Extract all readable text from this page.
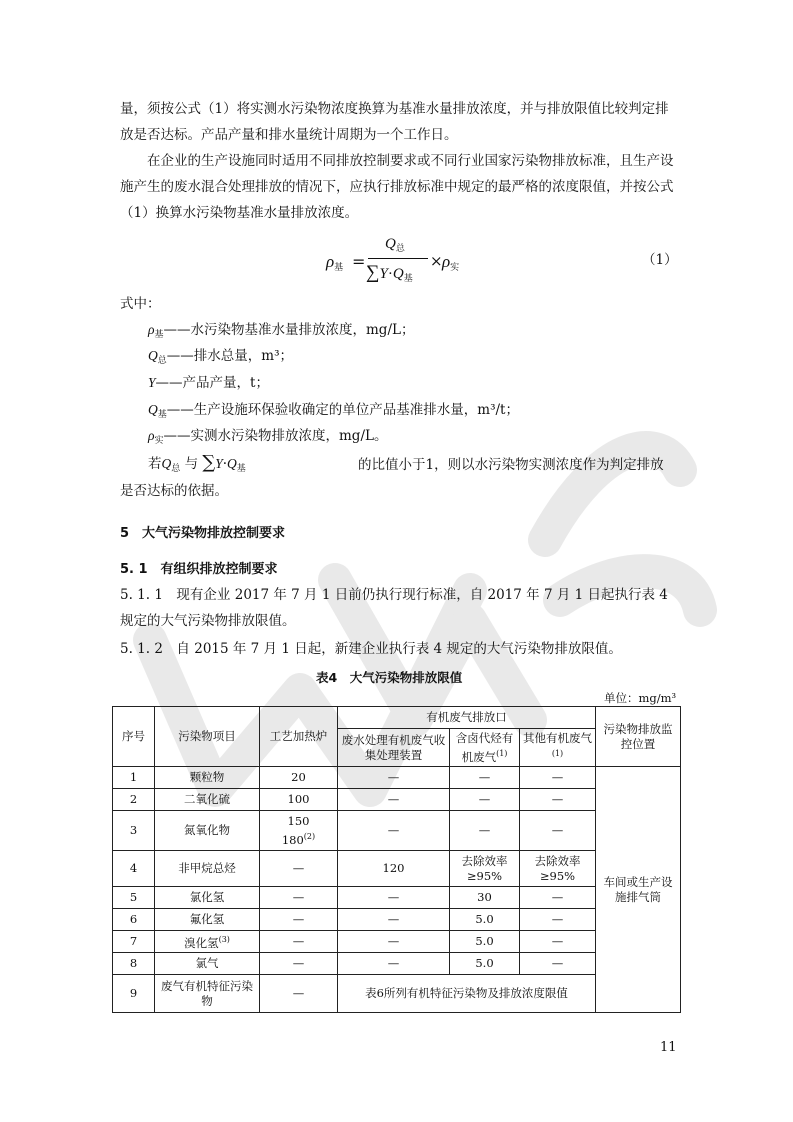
量，须按公式（1）将实测水污染物浓度换算为基准水量排放浓度，并与排放限值比较判定排放是否达标。产品产量和排水量统计周期为一个工作日。

在企业的生产设施同时适用不同排放控制要求或不同行业国家污染物排放标准，且生产设施产生的废水混合处理排放的情况下，应执行排放标准中规定的最严格的浓度限值，并按公式（1）换算水污染物基准水量排放浓度。

$\rho_基$ =
$Q_总$
$\sum Y\cdot Q_基$
× $\rho_实$	（1）

式中：

$\rho_基——$水污染物基准水量排放浓度，mg/L；
$Q_总——$排水总量，m³；
Y——产品产量，t；
$Q_基——$生产设施环保验收确定的单位产品基准排水量，m³/t；
$\rho_实——$实测水污染物排放浓度，mg/L。
若$Q_总$ 与 $\sum Y\cdot Q_基$	的比值小于1，则以水污染物实测浓度作为判定排放是否达标的依据。

5　大气污染物排放控制要求
5. 1　有组织排放控制要求

5. 1. 1　现有企业 2017 年 7 月 1 日前仍执行现行标准，自 2017 年 7 月 1 日起执行表 4 规定的大气污染物排放限值。

5. 1. 2　自 2015 年 7 月 1 日起，新建企业执行表 4 规定的大气污染物排放限值。

表4　大气污染物排放限值
单位：mg/m³
序号	污染物项目	工艺加热炉	有机废气排放口			污染物排放监控位置
			废水处理有机废气收集处理装置	含卤代烃有机废气$^{(1)}$	其他有机废气$^{(1)}$
1	颗粒物	20	—	—	—	车间或生产设施排气筒
2	二氧化硫	100	—	—	—	
3	氮氧化物	150
180$^{(2)}$	—	—	—	
4	非甲烷总烃	—	120	去除效率≥95%	去除效率≥95%	
5	氯化氢	—	—	30	—	
6	氟化氢	—	—	5.0	—	
7	溴化氢$^{(3)}$	—	—	5.0	—	
8	氯气	—	—	5.0	—	
9	废气有机特征污染物	—	表6所列有机特征污染物及排放浓度限值			
11
